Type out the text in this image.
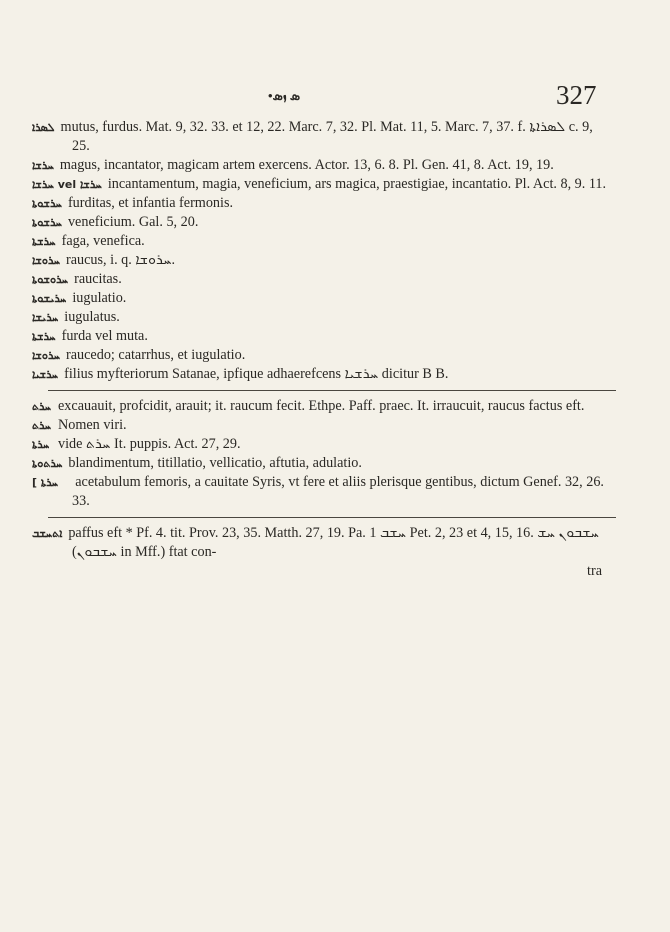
•ܣ ܙܣ	327
ܠܣܪܐ mutus, furdus. Mat. 9, 32. 33. et 12, 22. Marc. 7, 32. Pl. Mat. 11, 5. Marc. 7, 37. f. ܠܣܪܐܬܐ c. 9, 25.
ܚܪܫܐ magus, incantator, magicam artem exercens. Actor. 13, 6. 8. Pl. Gen. 41, 8. Act. 19, 19.
ܚܪܫܐ vel ܚܪܫܐ incantamentum, magia, veneficium, ars magica, praestigiae, incantatio. Pl. Act. 8, 9. 11.
ܚܪܫܘܬܐ furditas, et infantia fermonis.
ܚܪܫܘܬܐ veneficium. Gal. 5, 20.
ܚܪܫܬܐ faga, venefica.
ܚܪܘܫܐ raucus, i. q. ܚܪܘܫܐ.
ܚܪܘܫܘܬܐ raucitas.
ܚܪܝܫܘܬܐ iugulatio.
ܚܪܝܫܐ iugulatus.
ܚܪܫܬܐ furda vel muta.
ܚܪܘܫܐ raucedo; catarrhus, et iugulatio.
ܚܪܫܝܐ filius myfteriorum Satanae, ipfique adhaerefcens ܚܪܫܝܐ dicitur B B.
ܚܪܬ excauauit, profcidit, arauit; it. raucum fecit. Ethpe. Paff. praec. It. irraucuit, raucus factus eft.
ܚܪܬ Nomen viri.
ܚܪܬܐ vide ܚܪܬ It. puppis. Act. 27, 29.
ܚܪܬܘܬܐ blandimentum, titillatio, vellicatio, aftutia, adulatio.
[ ܚܪܬܐ acetabulum femoris, a cauitate Syris, vt fere et aliis plerisque gentibus, dictum Genef. 32, 26. 33.
ܐܬܚܫܒ paffus eft * Pf. 4. tit. Prov. 23, 35. Matth. 27, 19. Pa. ܚܫܒ 1 Pet. 2, 23 et 4, 15, 16. ܚܫܒܘܢ ܚܫ (ܚܫܒܘܢ in Mff.) ftat con-
tra
